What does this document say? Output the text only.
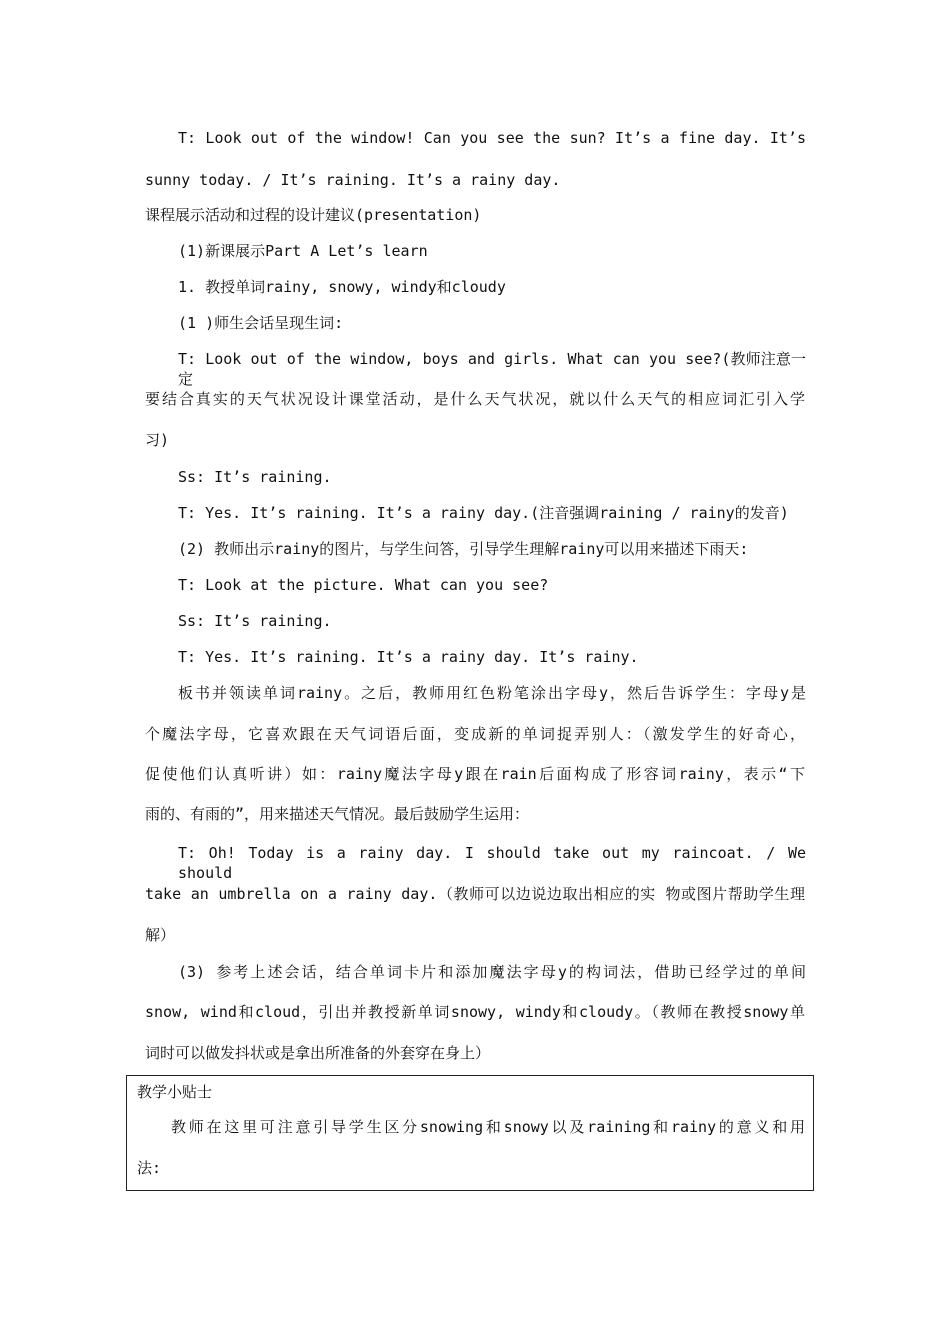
T: Look out of the window! Can you see the sun? It’s a fine day. It’s
sunny today. / It’s raining. It’s a rainy day.
课程展示活动和过程的设计建议(presentation)
(1)新课展示Part A Let’s learn
1. 教授单词rainy, snowy, windy和cloudy
(1 )师生会话呈现生词:
T: Look out of the window, boys and girls. What can you see?(教师注意一定
要结合真实的天气状况设计课堂活动，是什么天气状况，就以什么天气的相应词汇引入学
习)
Ss: It’s raining.
T: Yes. It’s raining. It’s a rainy day.(注音强调raining / rainy的发音)
(2) 教师出示rainy的图片，与学生问答，引导学生理解rainy可以用来描述下雨天:
T: Look at the picture. What can you see?
Ss: It’s raining.
T: Yes. It’s raining. It’s a rainy day. It’s rainy.
板书并领读单词rainy。之后，教师用红色粉笔涂出字母y，然后告诉学生：字母y是
个魔法字母，它喜欢跟在天气词语后面，变成新的单词捉弄别人：（激发学生的好奇心，
促使他们认真听讲）如：rainy魔法字母y跟在rain后面构成了形容词rainy，表示“下
雨的、有雨的”，用来描述天气情况。最后鼓励学生运用：
T: Oh! Today is a rainy day. I should take out my raincoat. / We should
take an umbrella on a rainy day.（教师可以边说边取出相应的实 物或图片帮助学生理
解）
(3) 参考上述会话，结合单词卡片和添加魔法字母y的构词法，借助已经学过的单间
snow, wind和cloud，引出并教授新单词snowy, windy和cloudy。（教师在教授snowy单
词时可以做发抖状或是拿出所准备的外套穿在身上）
教学小贴士
教师在这里可注意引导学生区分snowing和snowy以及raining和rainy的意义和用
法:
